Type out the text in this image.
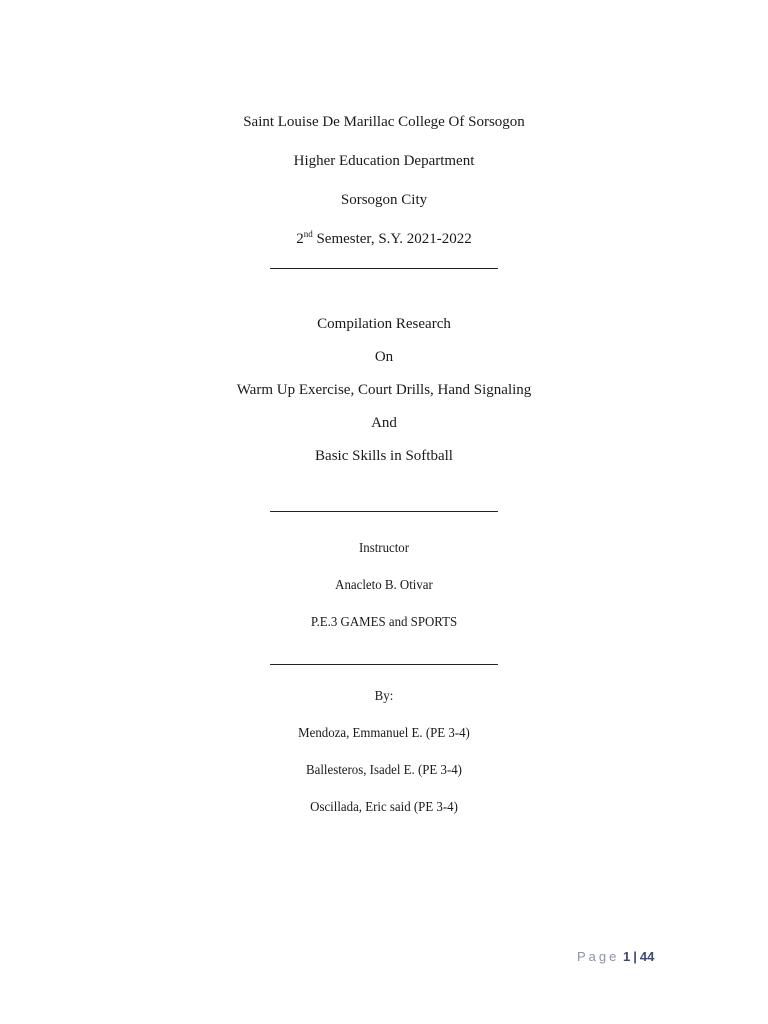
Saint Louise De Marillac College Of Sorsogon
Higher Education Department
Sorsogon City
2nd Semester, S.Y. 2021-2022
Compilation Research
On
Warm Up Exercise, Court Drills, Hand Signaling
And
Basic Skills in Softball
Instructor
Anacleto B. Otivar
P.E.3 GAMES and SPORTS
By:
Mendoza, Emmanuel E. (PE 3-4)
Ballesteros, Isadel E. (PE 3-4)
Oscillada, Eric said (PE 3-4)
Page 1 | 44
